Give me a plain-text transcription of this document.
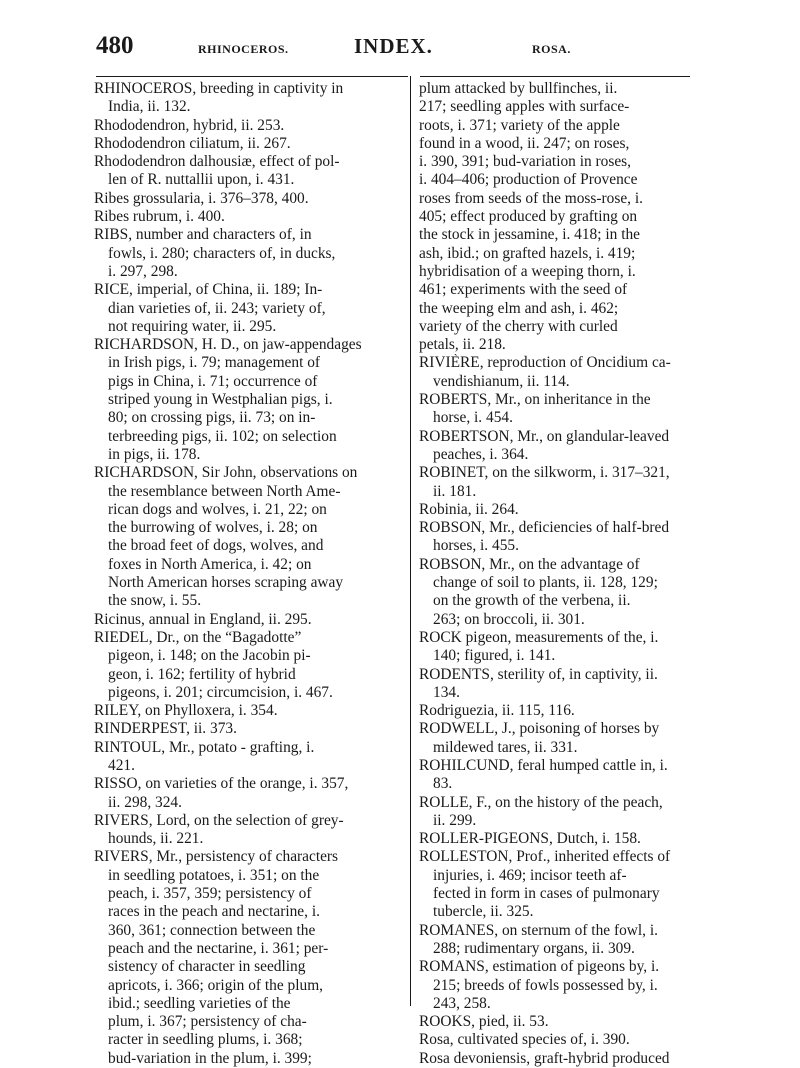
480	RHINOCEROS.	INDEX.	ROSA.
RHINOCEROS, breeding in captivity in
India, ii. 132.
Rhododendron, hybrid, ii. 253.
Rhododendron ciliatum, ii. 267.
Rhododendron dalhousiæ, effect of pol-
len of R. nuttallii upon, i. 431.
Ribes grossularia, i. 376–378, 400.
Ribes rubrum, i. 400.
RIBS, number and characters of, in
fowls, i. 280; characters of, in ducks,
i. 297, 298.
RICE, imperial, of China, ii. 189; In-
dian varieties of, ii. 243; variety of,
not requiring water, ii. 295.
RICHARDSON, H. D., on jaw-appendages
in Irish pigs, i. 79; management of
pigs in China, i. 71; occurrence of
striped young in Westphalian pigs, i.
80; on crossing pigs, ii. 73; on in-
terbreeding pigs, ii. 102; on selection
in pigs, ii. 178.
RICHARDSON, Sir John, observations on
the resemblance between North Ame-
rican dogs and wolves, i. 21, 22; on
the burrowing of wolves, i. 28; on
the broad feet of dogs, wolves, and
foxes in North America, i. 42; on
North American horses scraping away
the snow, i. 55.
Ricinus, annual in England, ii. 295.
RIEDEL, Dr., on the “Bagadotte”
pigeon, i. 148; on the Jacobin pi-
geon, i. 162; fertility of hybrid
pigeons, i. 201; circumcision, i. 467.
RILEY, on Phylloxera, i. 354.
RINDERPEST, ii. 373.
RINTOUL, Mr., potato - grafting, i.
421.
RISSO, on varieties of the orange, i. 357,
ii. 298, 324.
RIVERS, Lord, on the selection of grey-
hounds, ii. 221.
RIVERS, Mr., persistency of characters
in seedling potatoes, i. 351; on the
peach, i. 357, 359; persistency of
races in the peach and nectarine, i.
360, 361; connection between the
peach and the nectarine, i. 361; per-
sistency of character in seedling
apricots, i. 366; origin of the plum,
ibid.; seedling varieties of the
plum, i. 367; persistency of cha-
racter in seedling plums, i. 368;
bud-variation in the plum, i. 399;
plum attacked by bullfinches, ii.
217; seedling apples with surface-
roots, i. 371; variety of the apple
found in a wood, ii. 247; on roses,
i. 390, 391; bud-variation in roses,
i. 404–406; production of Provence
roses from seeds of the moss-rose, i.
405; effect produced by grafting on
the stock in jessamine, i. 418; in the
ash, ibid.; on grafted hazels, i. 419;
hybridisation of a weeping thorn, i.
461; experiments with the seed of
the weeping elm and ash, i. 462;
variety of the cherry with curled
petals, ii. 218.
RIVIÈRE, reproduction of Oncidium ca-
vendishianum, ii. 114.
ROBERTS, Mr., on inheritance in the
horse, i. 454.
ROBERTSON, Mr., on glandular-leaved
peaches, i. 364.
ROBINET, on the silkworm, i. 317–321,
ii. 181.
Robinia, ii. 264.
ROBSON, Mr., deficiencies of half-bred
horses, i. 455.
ROBSON, Mr., on the advantage of
change of soil to plants, ii. 128, 129;
on the growth of the verbena, ii.
263; on broccoli, ii. 301.
ROCK pigeon, measurements of the, i.
140; figured, i. 141.
RODENTS, sterility of, in captivity, ii.
134.
Rodriguezia, ii. 115, 116.
RODWELL, J., poisoning of horses by
mildewed tares, ii. 331.
ROHILCUND, feral humped cattle in, i.
83.
ROLLE, F., on the history of the peach,
ii. 299.
ROLLER-PIGEONS, Dutch, i. 158.
ROLLESTON, Prof., inherited effects of
injuries, i. 469; incisor teeth af-
fected in form in cases of pulmonary
tubercle, ii. 325.
ROMANES, on sternum of the fowl, i.
288; rudimentary organs, ii. 309.
ROMANS, estimation of pigeons by, i.
215; breeds of fowls possessed by, i.
243, 258.
ROOKS, pied, ii. 53.
Rosa, cultivated species of, i. 390.
Rosa devoniensis, graft-hybrid produced
